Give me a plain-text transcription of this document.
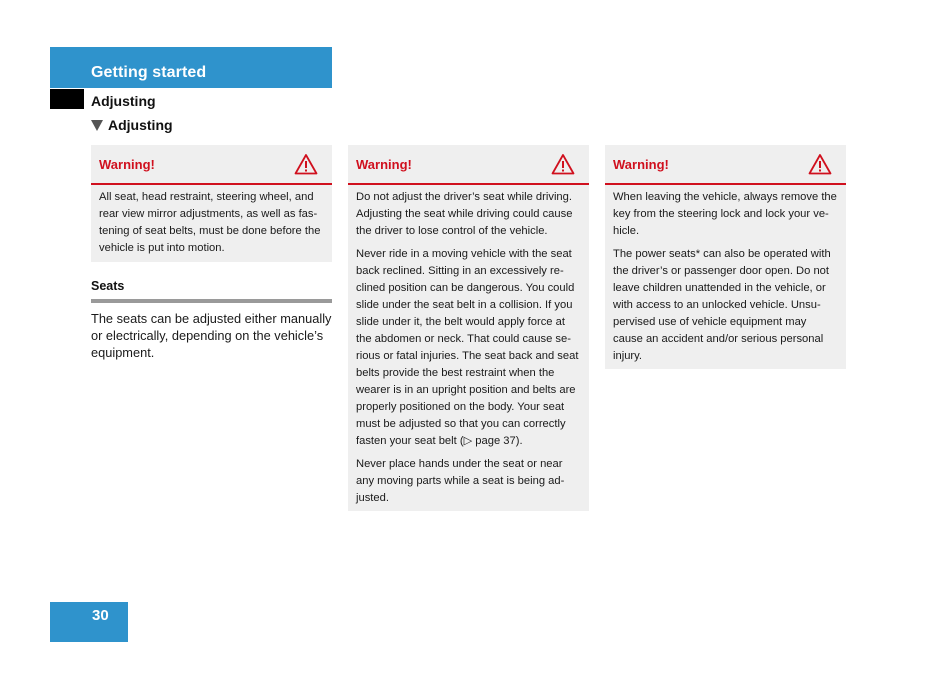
Getting started
Adjusting
Adjusting
Warning!

All seat, head restraint, steering wheel, and rear view mirror adjustments, as well as fas-tening of seat belts, must be done before the vehicle is put into motion.

Warning!

Do not adjust the driver’s seat while driving. Adjusting the seat while driving could cause the driver to lose control of the vehicle.

Never ride in a moving vehicle with the seat back reclined. Sitting in an excessively re-clined position can be dangerous. You could slide under the seat belt in a collision. If you slide under it, the belt would apply force at the abdomen or neck. That could cause se-rious or fatal injuries. The seat back and seat belts provide the best restraint when the wearer is in an upright position and belts are properly positioned on the body. Your seat must be adjusted so that you can correctly fasten your seat belt (▷ page 37).

Never place hands under the seat or near any moving parts while a seat is being ad-justed.

Warning!

When leaving the vehicle, always remove the key from the steering lock and lock your ve-hicle.

The power seats* can also be operated with the driver’s or passenger door open. Do not leave children unattended in the vehicle, or with access to an unlocked vehicle. Unsu-pervised use of vehicle equipment may cause an accident and/or serious personal injury.

Seats
The seats can be adjusted either manually or electrically, depending on the vehicle’s equipment.
30
